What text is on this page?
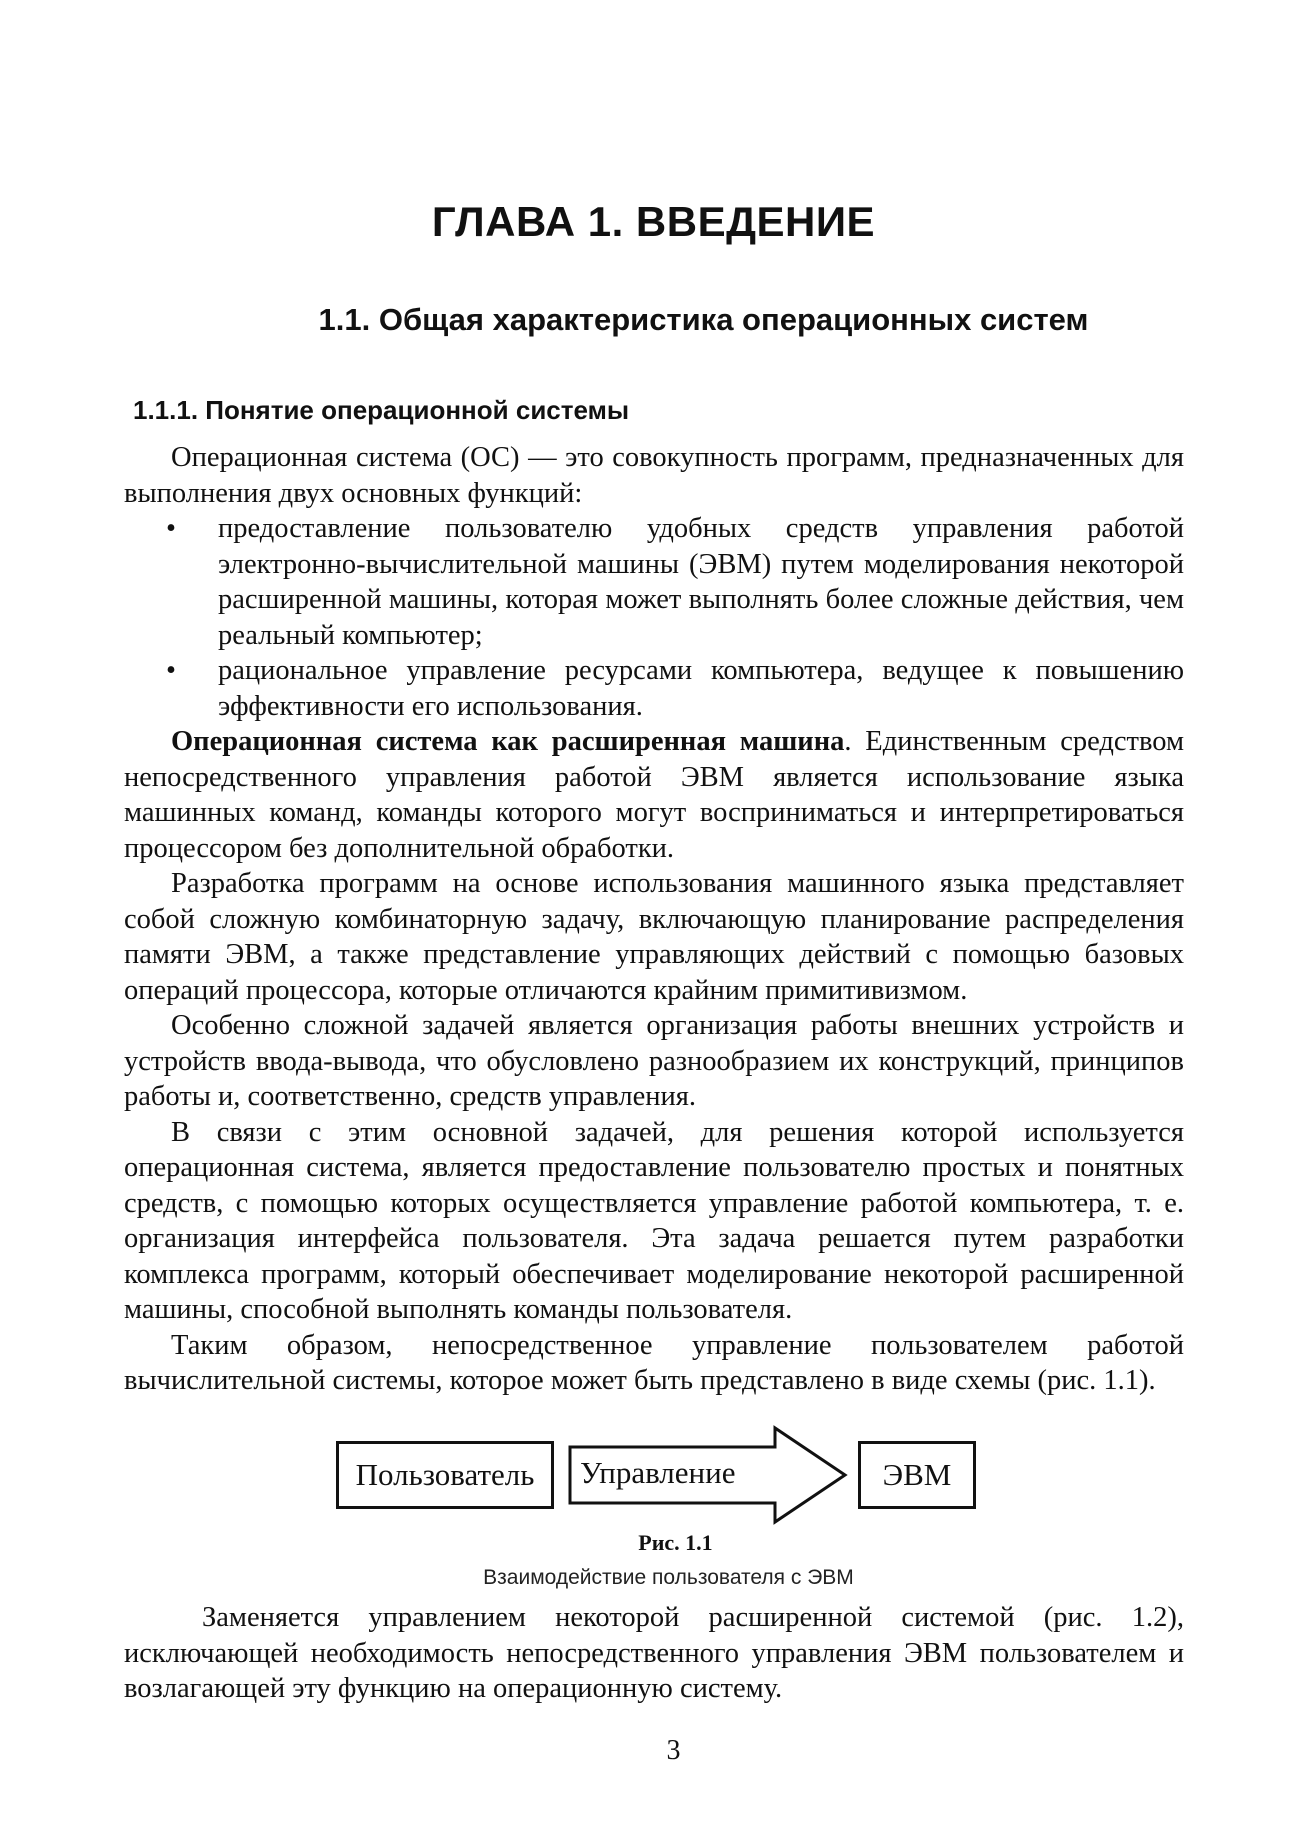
ГЛАВА 1. ВВЕДЕНИЕ
1.1. Общая характеристика операционных систем
1.1.1. Понятие операционной системы

Операционная система (ОС) — это совокупность программ, предназначенных для выполнения двух основных функций:

• предоставление пользователю удобных средств управления работой электронно-вычислительной машины (ЭВМ) путем моделирования некоторой расширенной машины, которая может выполнять более сложные действия, чем реальный компьютер;
• рациональное управление ресурсами компьютера, ведущее к повышению эффективности его использования.

Операционная система как расширенная машина. Единственным средством непосредственного управления работой ЭВМ является использование языка машинных команд, команды которого могут восприниматься и интерпретироваться процессором без дополнительной обработки.

Разработка программ на основе использования машинного языка представляет собой сложную комбинаторную задачу, включающую планирование распределения памяти ЭВМ, а также представление управляющих действий с помощью базовых операций процессора, которые отличаются крайним примитивизмом.

Особенно сложной задачей является организация работы внешних устройств и устройств ввода-вывода, что обусловлено разнообразием их конструкций, принципов работы и, соответственно, средств управления.

В связи с этим основной задачей, для решения которой используется операционная система, является предоставление пользователю простых и понятных средств, с помощью которых осуществляется управление работой компьютера, т. е. организация интерфейса пользователя. Эта задача решается путем разработки комплекса программ, который обеспечивает моделирование некоторой расширенной машины, способной выполнять команды пользователя.

Таким образом, непосредственное управление пользователем работой вычислительной системы, которое может быть представлено в виде схемы (рис. 1.1).

Пользователь	Управление	ЭВМ
Рис. 1.1
Взаимодействие пользователя с ЭВМ

Заменяется управлением некоторой расширенной системой (рис. 1.2), исключающей необходимость непосредственного управления ЭВМ пользователем и возлагающей эту функцию на операционную систему.

3
